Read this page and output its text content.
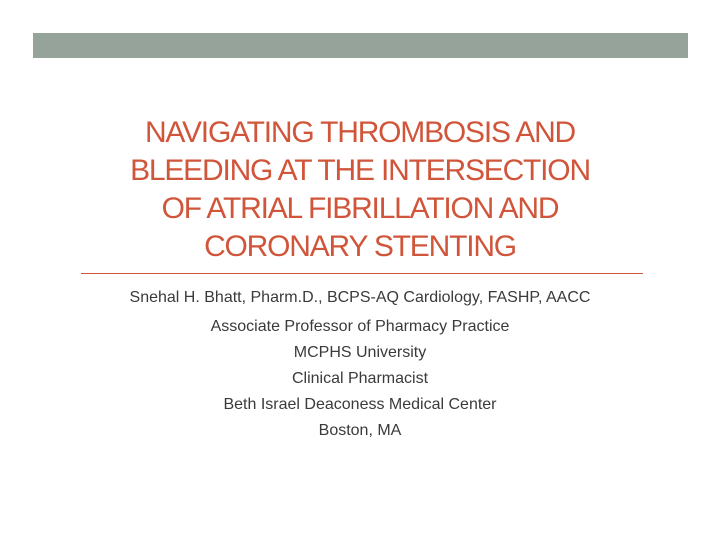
NAVIGATING THROMBOSIS AND
BLEEDING AT THE INTERSECTION
OF ATRIAL FIBRILLATION AND
CORONARY STENTING
Snehal H. Bhatt, Pharm.D., BCPS-AQ Cardiology, FASHP, AACC
Associate Professor of Pharmacy Practice
MCPHS University
Clinical Pharmacist
Beth Israel Deaconess Medical Center
Boston, MA
